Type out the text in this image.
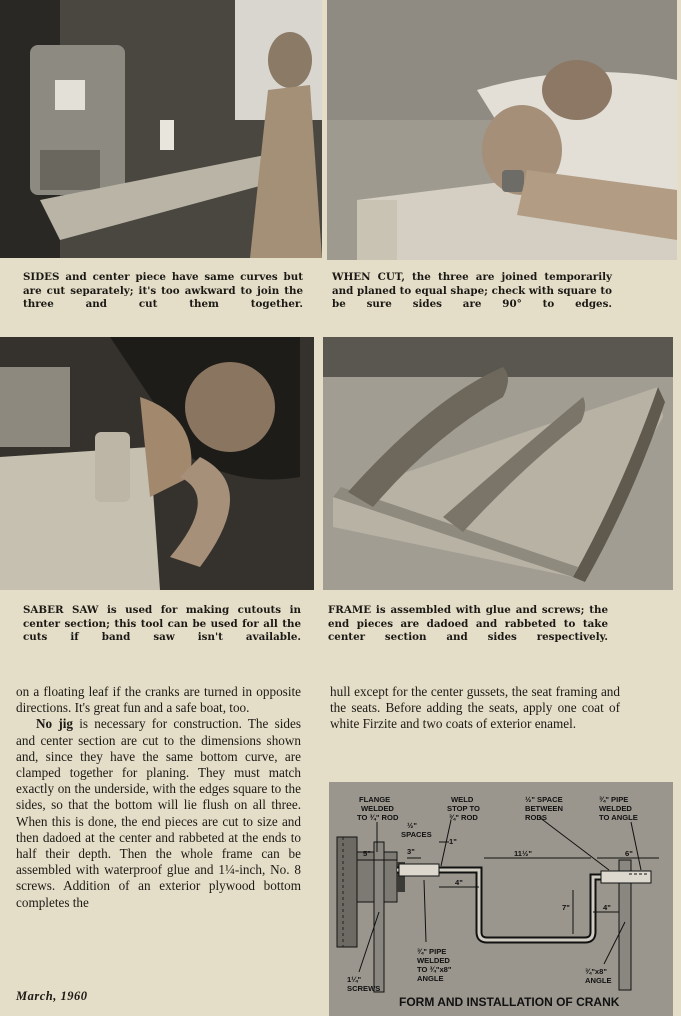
SIDES and center piece have same curves but are cut separately; it's too awkward to join the three and cut them together.
WHEN CUT, the three are joined temporarily and planed to equal shape; check with square to be sure sides are 90° to edges.
SABER SAW is used for making cutouts in center section; this tool can be used for all the cuts if band saw isn't available.
FRAME is assembled with glue and screws; the end pieces are dadoed and rabbeted to take center section and sides respectively.

on a floating leaf if the cranks are turned in opposite directions. It's great fun and a safe boat, too.

No jig is necessary for construction. The sides and center section are cut to the dimensions shown and, since they have the same bottom curve, are clamped together for planing. They must match exactly on the underside, with the edges square to the sides, so that the bottom will lie flush on all three. When this is done, the end pieces are cut to size and then dadoed at the center and rabbeted at the ends to half their depth. Then the whole frame can be assembled with waterproof glue and 1¼-inch, No. 8 screws. Addition of an exterior plywood bottom completes the

hull except for the center gussets, the seat framing and the seats. Before adding the seats, apply one coat of white Firzite and two coats of exterior enamel.

FLANGE
WELDED
TO ¾" ROD
WELD
STOP TO
¾" ROD
½" SPACE
BETWEEN
RODS
¾" PIPE
WELDED
TO ANGLE
½"
SPACES
¾" PIPE
WELDED
TO ¾"x8"
ANGLE
1¼"
SCREWS
¾"x8"
ANGLE
5"	3"
1"
11½"	6"
4"
7"	4"
FORM AND INSTALLATION OF CRANK
March, 1960
